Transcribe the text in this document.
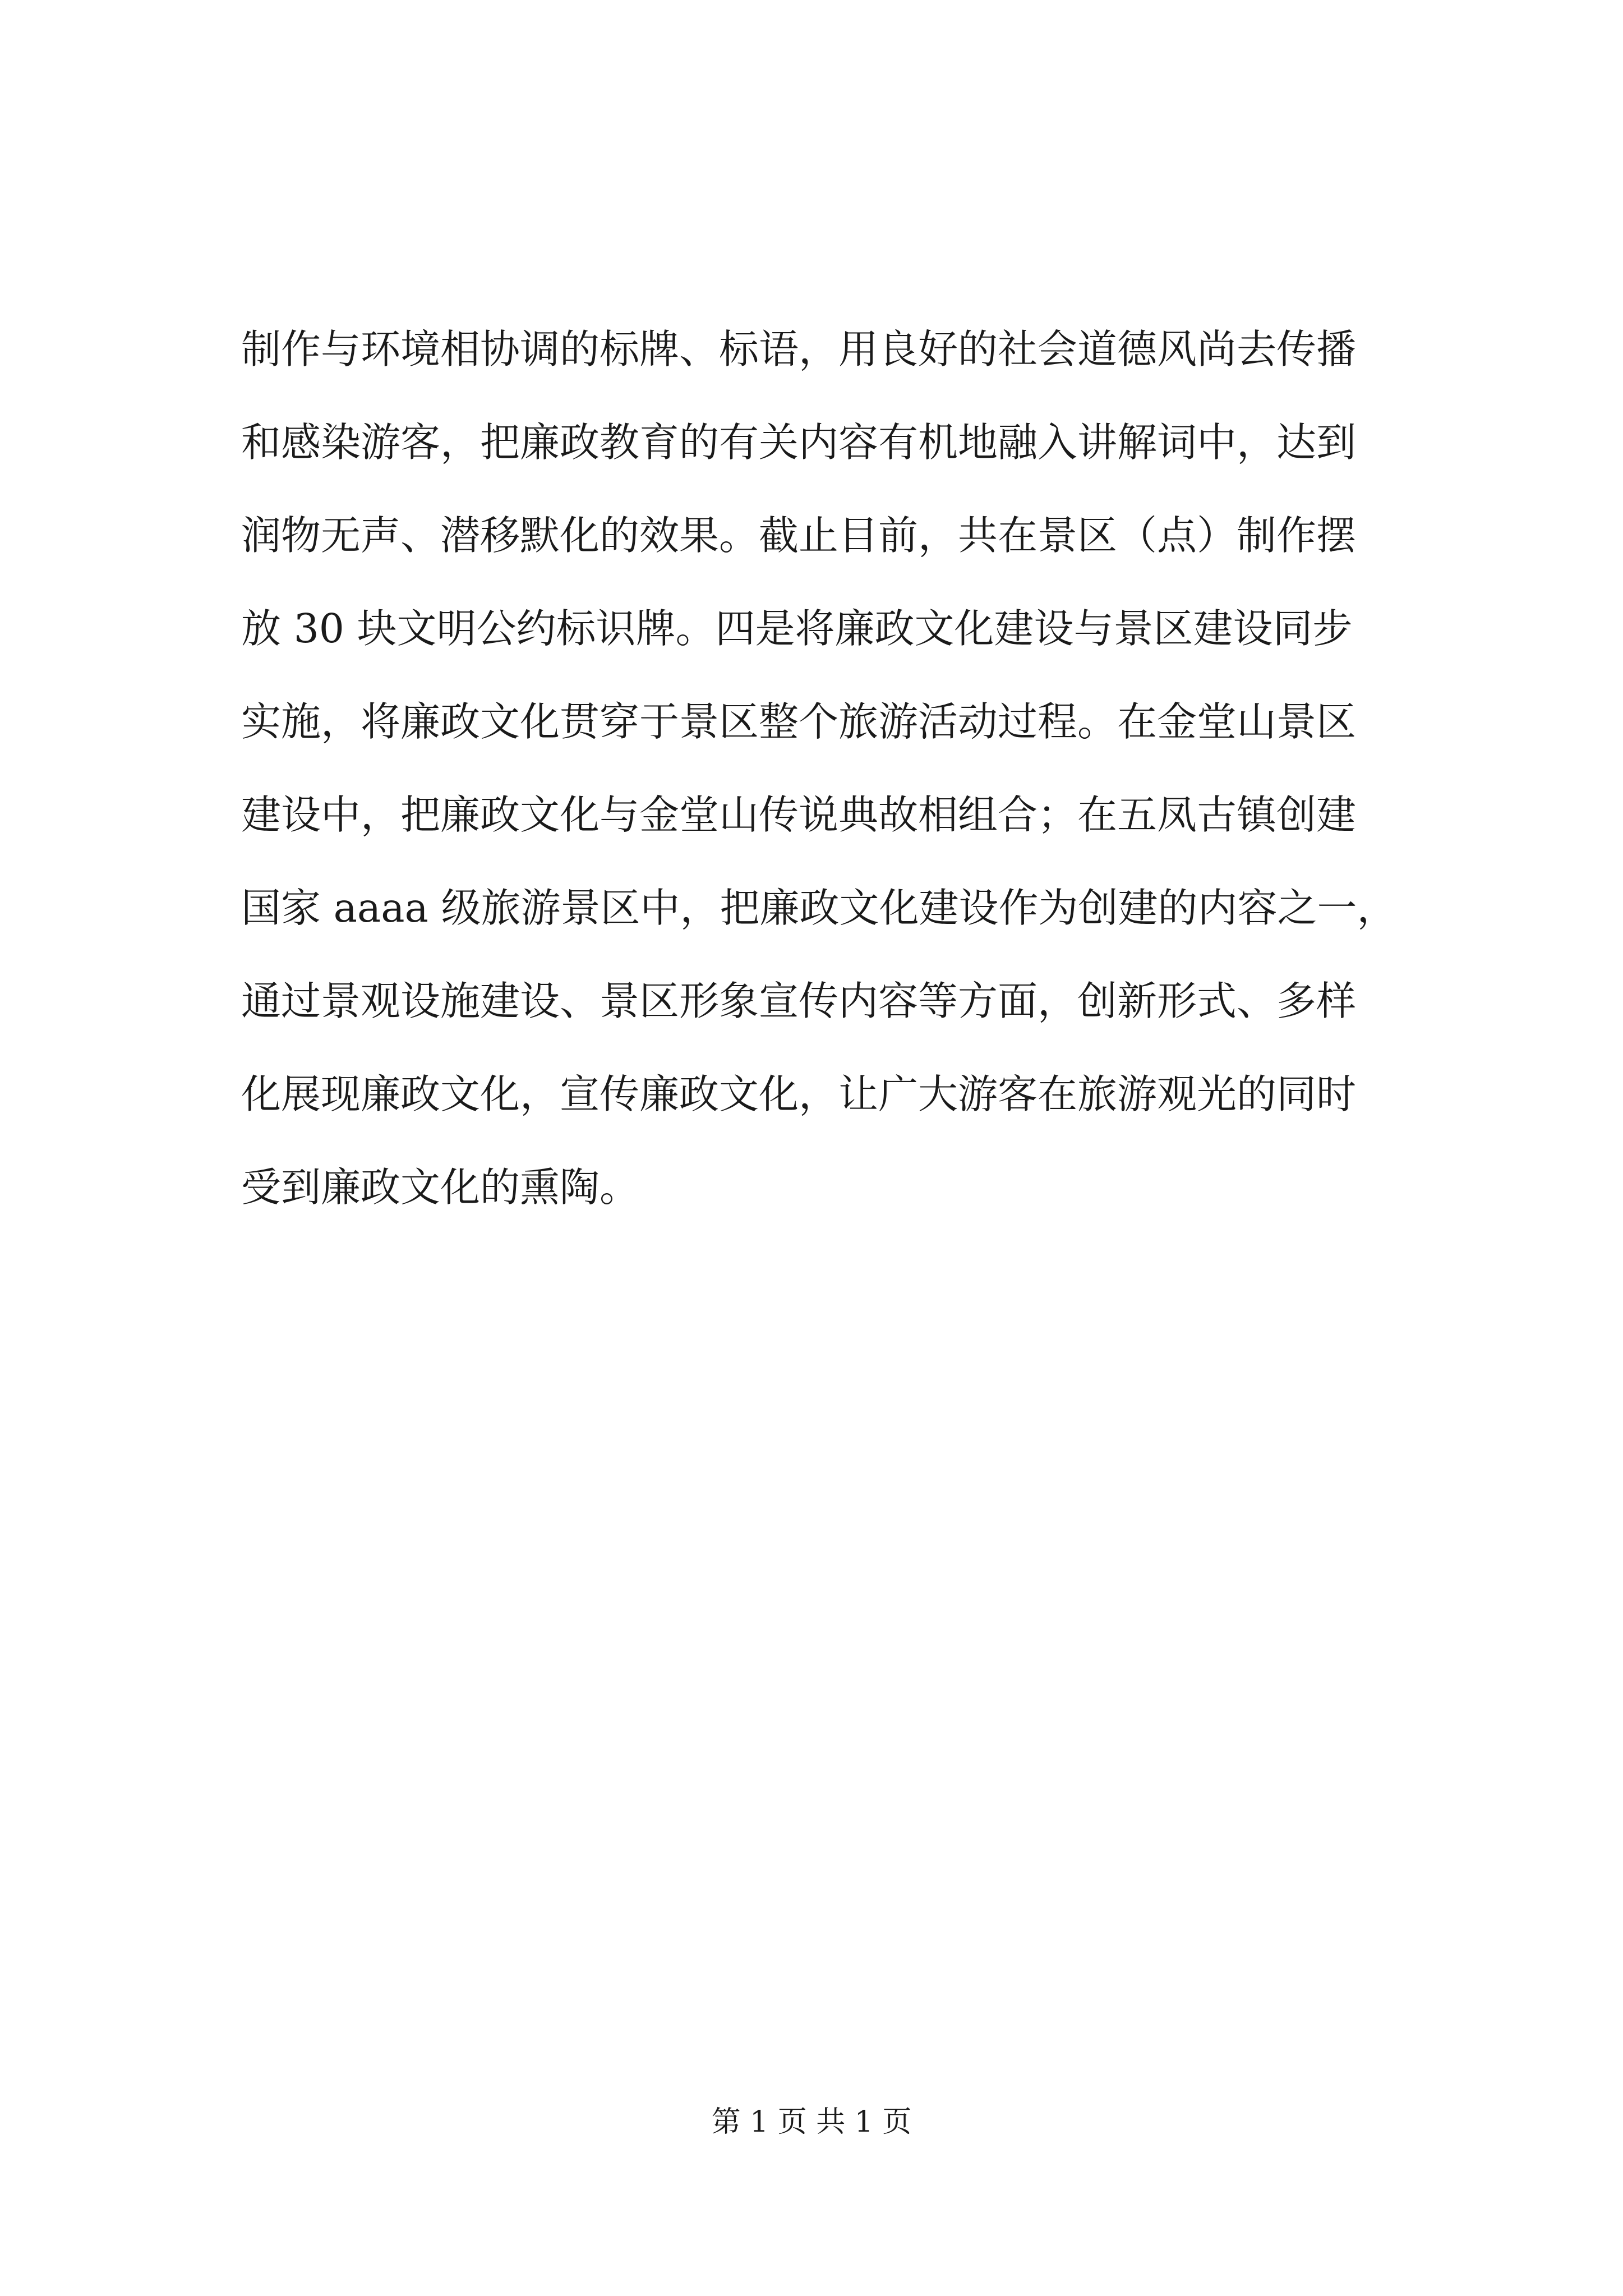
制作与环境相协调的标牌、标语，用良好的社会道德风尚去传播
和感染游客，把廉政教育的有关内容有机地融入讲解词中，达到
润物无声、潜移默化的效果。截止目前，共在景区（点）制作摆
放 30 块文明公约标识牌。四是将廉政文化建设与景区建设同步
实施，将廉政文化贯穿于景区整个旅游活动过程。在金堂山景区
建设中，把廉政文化与金堂山传说典故相组合；在五凤古镇创建
国家 aaaa 级旅游景区中，把廉政文化建设作为创建的内容之一，
通过景观设施建设、景区形象宣传内容等方面，创新形式、多样
化展现廉政文化，宣传廉政文化，让广大游客在旅游观光的同时
受到廉政文化的熏陶。
第 1 页 共 1 页
